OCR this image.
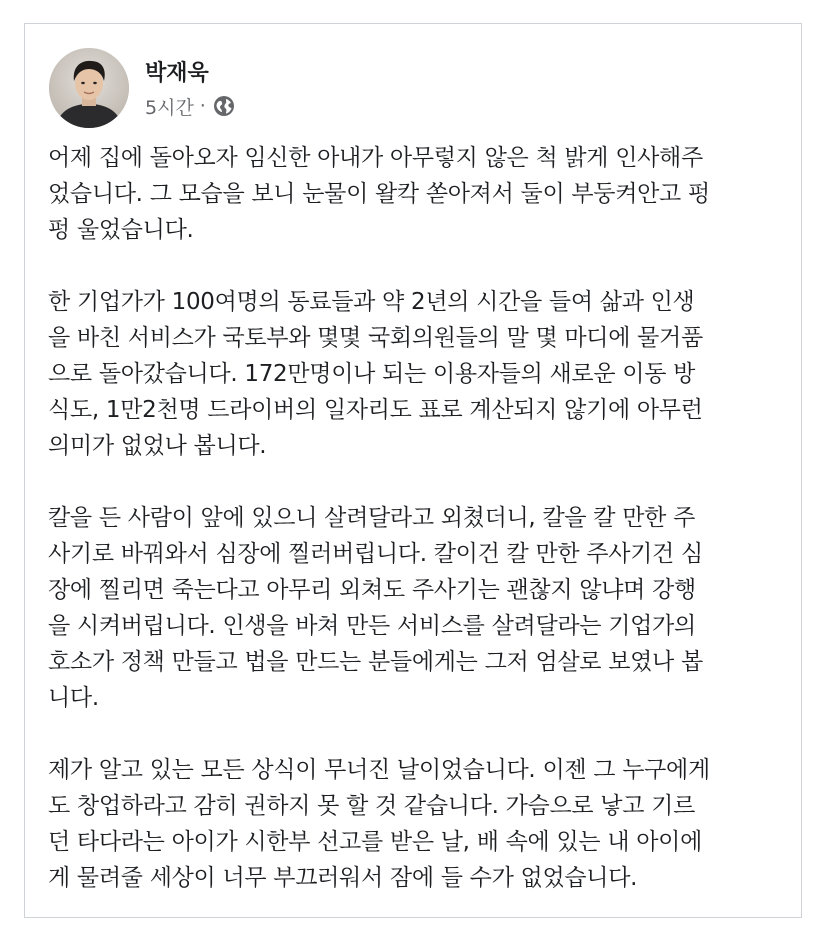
박재욱
5시간 ·

어제 집에 돌아오자 임신한 아내가 아무렇지 않은 척 밝게 인사해주
었습니다. 그 모습을 보니 눈물이 왈칵 쏟아져서 둘이 부둥켜안고 펑
펑 울었습니다.

한 기업가가 100여명의 동료들과 약 2년의 시간을 들여 삶과 인생
을 바친 서비스가 국토부와 몇몇 국회의원들의 말 몇 마디에 물거품
으로 돌아갔습니다. 172만명이나 되는 이용자들의 새로운 이동 방
식도, 1만2천명 드라이버의 일자리도 표로 계산되지 않기에 아무런
의미가 없었나 봅니다.

칼을 든 사람이 앞에 있으니 살려달라고 외쳤더니, 칼을 칼 만한 주
사기로 바꿔와서 심장에 찔러버립니다. 칼이건 칼 만한 주사기건 심
장에 찔리면 죽는다고 아무리 외쳐도 주사기는 괜찮지 않냐며 강행
을 시켜버립니다. 인생을 바쳐 만든 서비스를 살려달라는 기업가의
호소가 정책 만들고 법을 만드는 분들에게는 그저 엄살로 보였나 봅
니다.

제가 알고 있는 모든 상식이 무너진 날이었습니다. 이젠 그 누구에게
도 창업하라고 감히 권하지 못 할 것 같습니다. 가슴으로 낳고 기르
던 타다라는 아이가 시한부 선고를 받은 날, 배 속에 있는 내 아이에
게 물려줄 세상이 너무 부끄러워서 잠에 들 수가 없었습니다.
